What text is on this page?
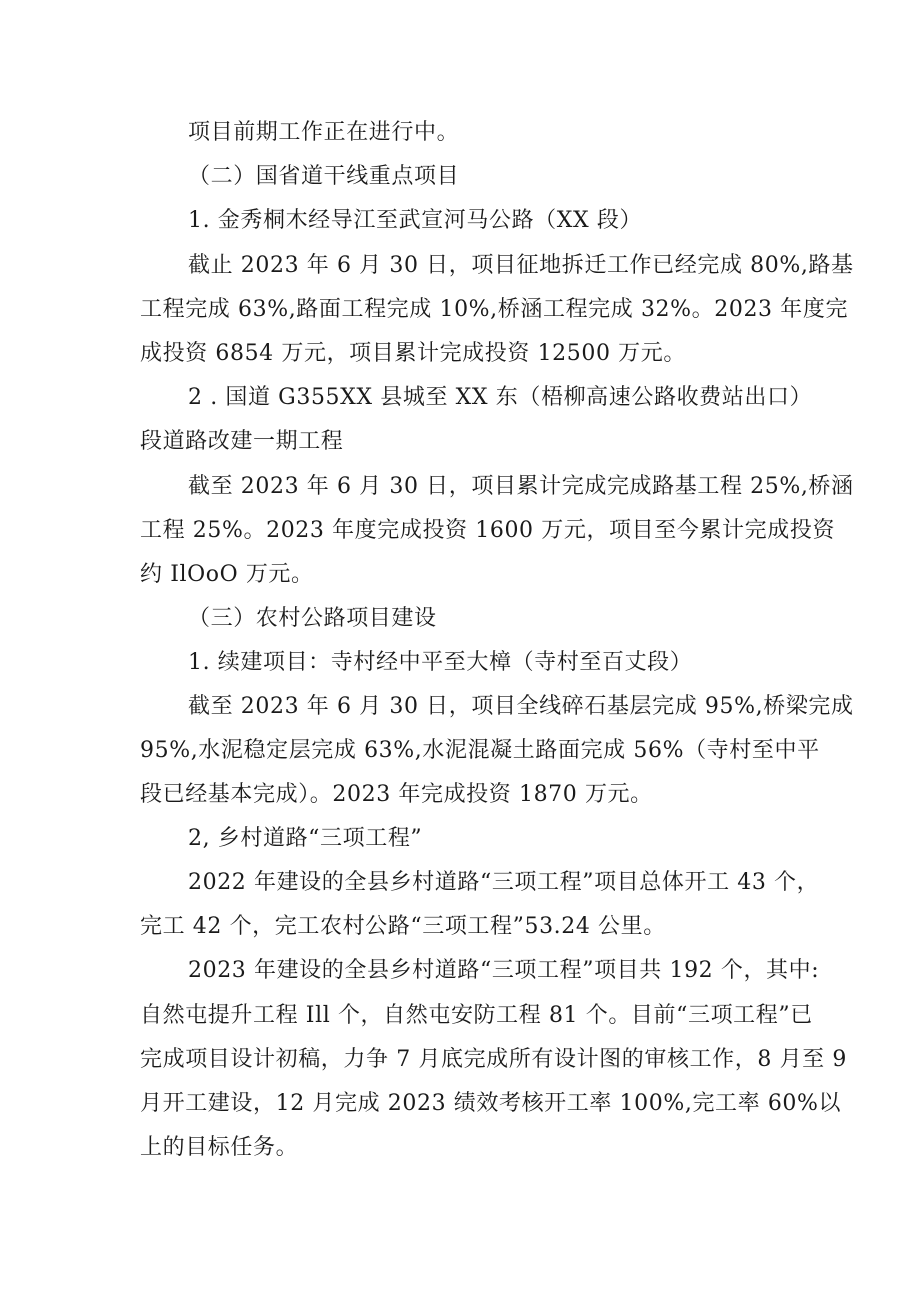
项目前期工作正在进行中。
（二）国省道干线重点项目
1. 金秀桐木经导江至武宣河马公路（XX 段）
截止 2023 年 6 月 30 日，项目征地拆迁工作已经完成 80%,路基
工程完成 63%,路面工程完成 10%,桥涵工程完成 32%。2023 年度完
成投资 6854 万元，项目累计完成投资 12500 万元。
2 . 国道 G355XX 县城至 XX 东（梧柳高速公路收费站出口）
段道路改建一期工程
截至 2023 年 6 月 30 日，项目累计完成完成路基工程 25%,桥涵
工程 25%。2023 年度完成投资 1600 万元，项目至今累计完成投资
约 IlOoO 万元。
（三）农村公路项目建设
1. 续建项目：寺村经中平至大樟（寺村至百丈段）
截至 2023 年 6 月 30 日，项目全线碎石基层完成 95%,桥梁完成
95%,水泥稳定层完成 63%,水泥混凝土路面完成 56%（寺村至中平
段已经基本完成）。2023 年完成投资 1870 万元。
2, 乡村道路“三项工程”
2022 年建设的全县乡村道路“三项工程”项目总体开工 43 个，
完工 42 个，完工农村公路“三项工程”53.24 公里。
2023 年建设的全县乡村道路“三项工程”项目共 192 个，其中:
自然屯提升工程 Ill 个，自然屯安防工程 81 个。目前“三项工程”已
完成项目设计初稿，力争 7 月底完成所有设计图的审核工作，8 月至 9
月开工建设，12 月完成 2023 绩效考核开工率 100%,完工率 60%以
上的目标任务。
